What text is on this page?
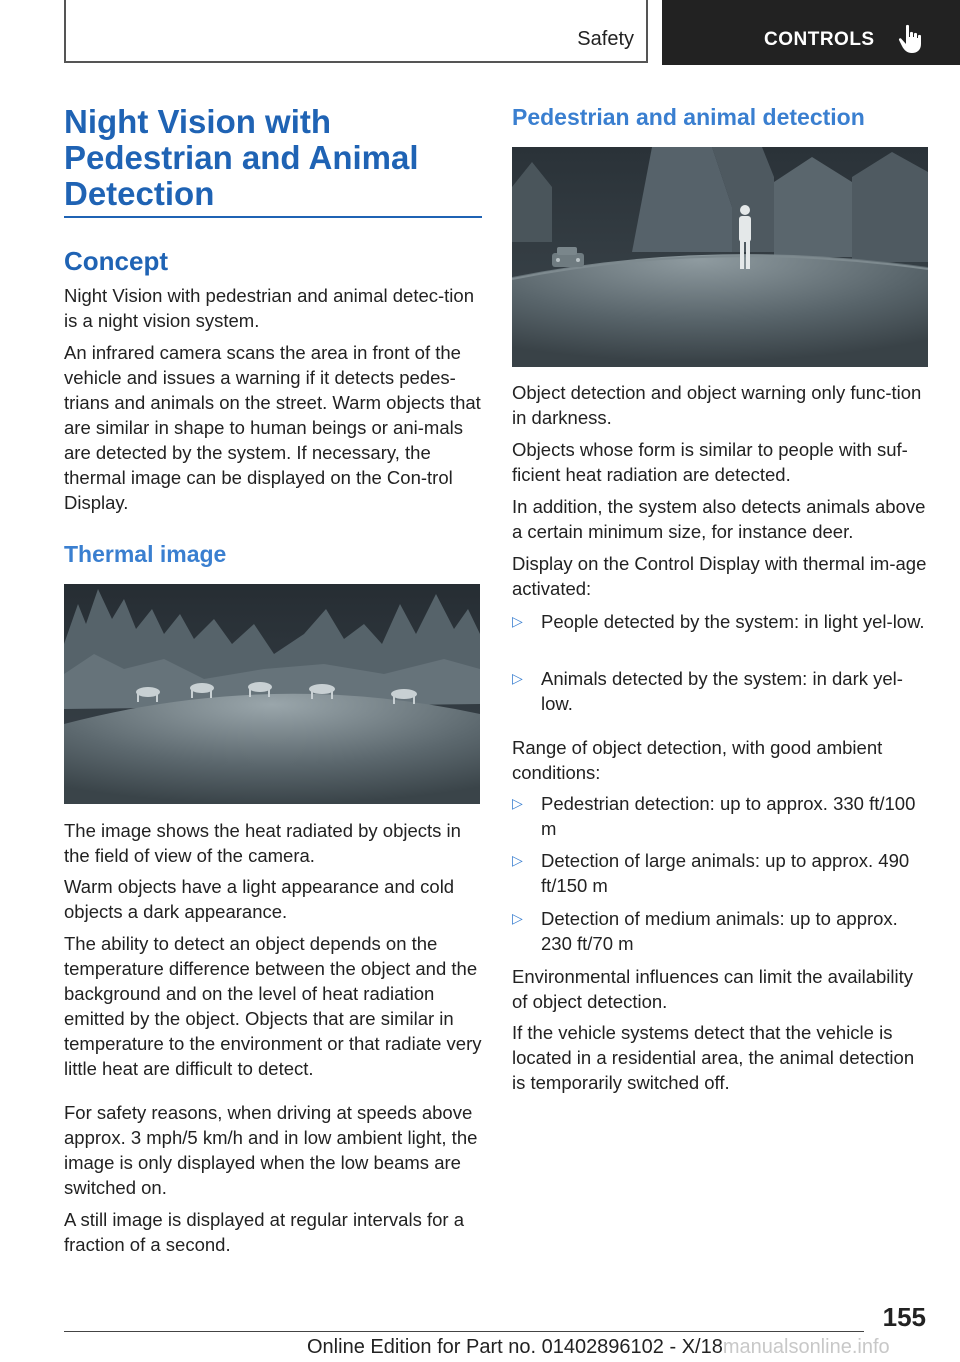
Safety	CONTROLS
Night Vision with Pedestrian and Animal Detection
Concept

Night Vision with pedestrian and animal detec-tion is a night vision system.

An infrared camera scans the area in front of the vehicle and issues a warning if it detects pedes-trians and animals on the street. Warm objects that are similar in shape to human beings or ani-mals are detected by the system. If necessary, the thermal image can be displayed on the Con-trol Display.

Thermal image

The image shows the heat radiated by objects in the field of view of the camera.

Warm objects have a light appearance and cold objects a dark appearance.

The ability to detect an object depends on the temperature difference between the object and the background and on the level of heat radiation emitted by the object. Objects that are similar in temperature to the environment or that radiate very little heat are difficult to detect.

For safety reasons, when driving at speeds above approx. 3 mph/5 km/h and in low ambient light, the image is only displayed when the low beams are switched on.

A still image is displayed at regular intervals for a fraction of a second.

Pedestrian and animal detection

Object detection and object warning only func-tion in darkness.

Objects whose form is similar to people with suf-ficient heat radiation are detected.

In addition, the system also detects animals above a certain minimum size, for instance deer.

Display on the Control Display with thermal im-age activated:

▷ People detected by the system: in light yel-low.
▷ Animals detected by the system: in dark yel-low.

Range of object detection, with good ambient conditions:

▷ Pedestrian detection: up to approx. 330 ft/100 m
▷ Detection of large animals: up to approx. 490 ft/150 m
▷ Detection of medium animals: up to approx. 230 ft/70 m

Environmental influences can limit the availability of object detection.

If the vehicle systems detect that the vehicle is located in a residential area, the animal detection is temporarily switched off.

155
Online Edition for Part no. 01402896102 - X/18manualsonline.info
